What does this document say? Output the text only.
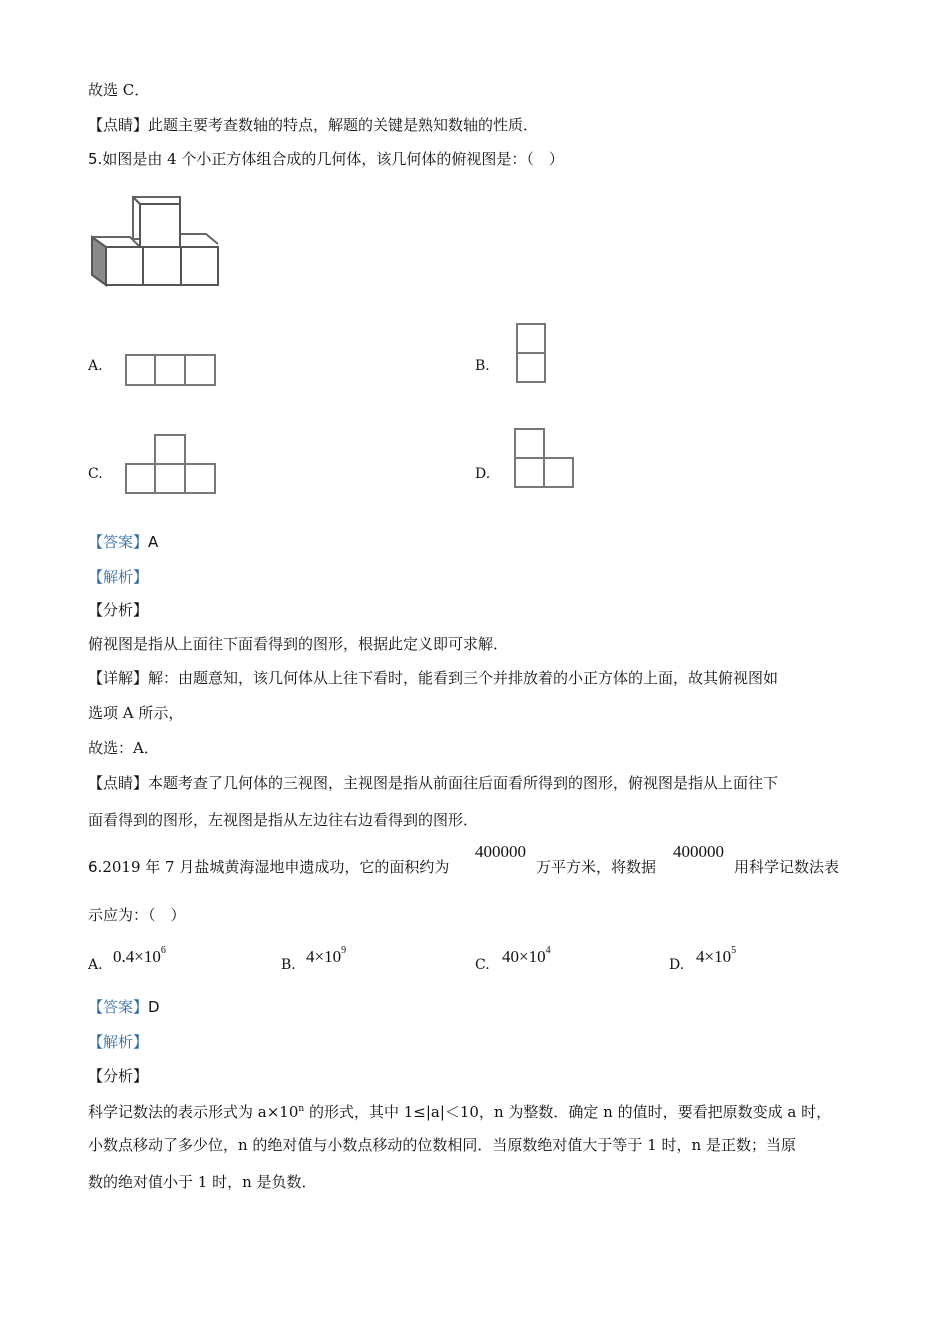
故选 C．
【点睛】此题主要考查数轴的特点，解题的关键是熟知数轴的性质．
5.如图是由 4 个小正方体组合成的几何体，该几何体的俯视图是：（　）
A.	B.
C.	D.
【答案】A
【解析】
【分析】
俯视图是指从上面往下面看得到的图形，根据此定义即可求解．
【详解】解：由题意知，该几何体从上往下看时，能看到三个并排放着的小正方体的上面，故其俯视图如
选项 A 所示，
故选：A．
【点睛】本题考查了几何体的三视图，主视图是指从前面往后面看所得到的图形，俯视图是指从上面往下
面看得到的图形，左视图是指从左边往右边看得到的图形．
6.2019 年 7 月盐城黄海湿地申遗成功，它的面积约为
400000
万平方米，将数据
400000
用科学记数法表
示应为：（　）
A. $0.4\times 10^6$
B. $4\times 10^9$
C. $40\times 10^4$
D. $4\times 10^5$
【答案】D
【解析】
【分析】
科学记数法的表示形式为 $a\times 10^n$ 的形式，其中 1≤|a|＜10，n 为整数．确定 n 的值时，要看把原数变成 a 时，
小数点移动了多少位，n 的绝对值与小数点移动的位数相同．当原数绝对值大于等于 1 时，n 是正数；当原
数的绝对值小于 1 时，n 是负数．
